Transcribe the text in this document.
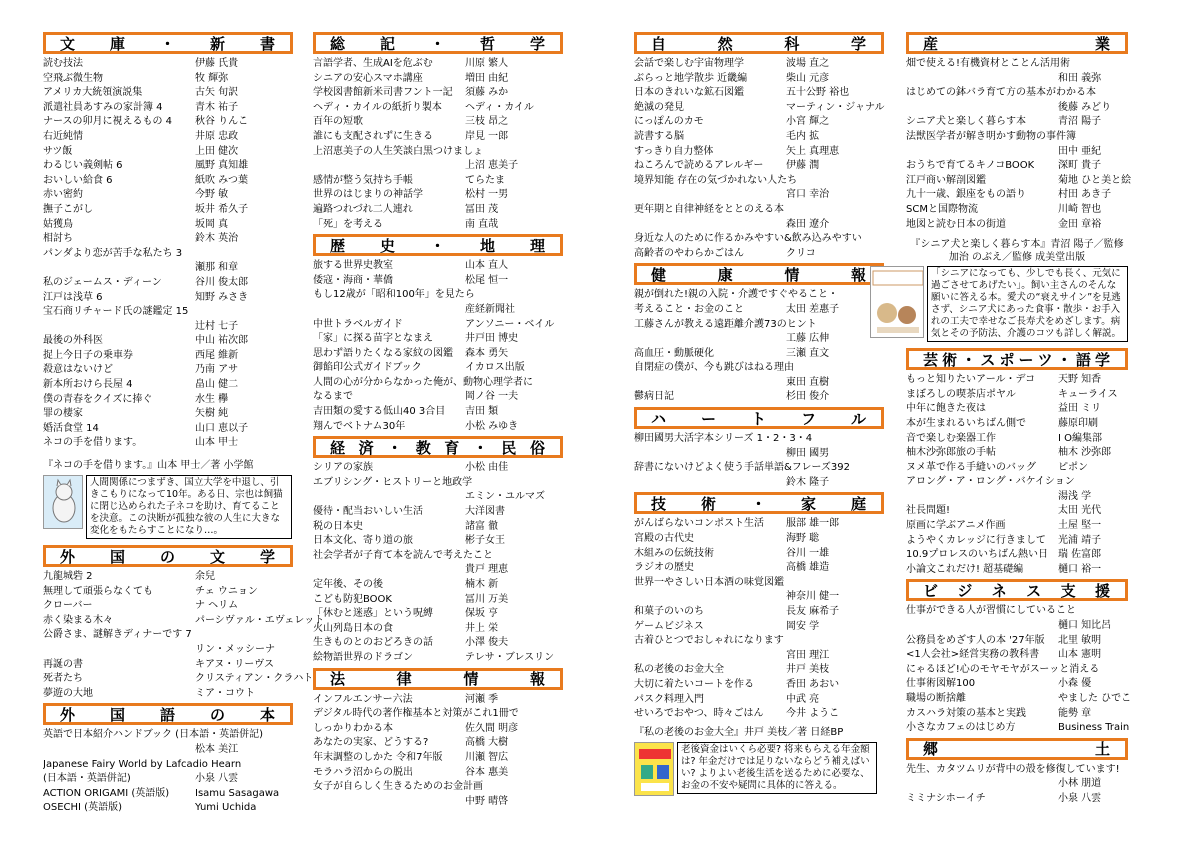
文 庫 ・ 新 書
読む技法	伊藤 氏貴
空飛ぶ微生物	牧 輝弥
アメリカ大統領演説集	古矢 旬訳
派遣社員あすみの家計簿 4	青木 祐子
ナースの卯月に視えるもの 4 秋谷 りんこ
右近純情	井原 忠政
サツ飯	上田 健次
わるじい義剣帖 6	風野 真知雄
おいしい給食 6	紙吹 みつ葉
赤い密約	今野 敏
撫子こがし	坂井 希久子
姑獲鳥	坂岡 真
相討ち	鈴木 英治
パンダより恋が苦手な私たち 3
瀬那 和章
私のジェームス・ディーン	谷川 俊太郎
江戸は浅草 6	知野 みさき
宝石商リチャード氏の謎鑑定 15
辻村 七子
最後の外科医	中山 祐次郎
捉上今日子の乗車券	西尾 維新
殺意はないけど	乃南 アサ
新本所おけら長屋 4	畠山 健二
僕の青春をクイズに捧ぐ	水生 欅
罪の棲家	矢樹 純
婚活食堂 14	山口 恵以子
ネコの手を借ります。	山本 甲士
『ネコの手を借ります。』山本 甲士／著 小学館
人間関係につまずき、国立大学を中退し、引きこもりになって10年。ある日、宗也は飼猫に閉じ込められた子ネコを助け、育てることを決意。この決断が孤独な彼の人生に大きな変化をもたらすことになり…。
外 国 の 文 学
九龍城砦 2	余兒
無理して頑張らなくても	チェ ウニョン
クローバー	ナ ヘリム
赤く染まる木々	パーシヴァル・エヴェレット
公爵さま、謎解きディナーです 7
リン・メッシーナ
再誕の書	キアヌ・リーヴス
死者たち	クリスティアン・クラハト
夢遊の大地	ミア・コウト
外 国 語 の 本
英語で日本紹介ハンドブック (日本語・英語併記)
松本 美江
Japanese Fairy World by Lafcadio Hearn
(日本語・英語併記)	小泉 八雲
ACTION ORIGAMI (英語版)	Isamu Sasagawa
OSECHI (英語版)	Yumi Uchida
総 記 ・ 哲 学
言語学者、生成AIを危ぶむ	川原 繁人
シニアの安心スマホ講座	増田 由紀
学校図書館新米司書フント一記 須藤 みか
ヘディ・カイルの紙折り製本 ヘディ・カイル
百年の短歌	三枝 昂之
誰にも支配されずに生きる	岸見 一郎
上沼恵美子の人生笑談白黒つけましょ
上沼 恵美子
感情が整う気持ち手帳	てらたま
世界のはじまりの神話学	松村 一男
遍路つれづれ二人連れ	冨田 茂
「死」を考える	南 直哉
歴 史 ・ 地 理
旅する世界史教室	山本 直人
倭寇・海商・華僑	松尾 恒一
もし12歳が「昭和100年」を見たら
産経新聞社
中世トラベルガイド	アンソニー・ベイル
「家」に探る苗字となまえ	井戸田 博史
思わず語りたくなる家紋の図鑑 森本 勇矢
御餡印公式ガイドブック	イカロス出版
人間の心が分からなかった俺が、動物心理学者に
なるまで	岡ノ谷 一夫
吉田類の愛する低山40 3合目 吉田 類
翔んでベトナム30年	小松 みゆき
経 済 ・ 教 育 ・ 民 俗
シリアの家族	小松 由佳
エブリシング・ヒストリーと地政学
エミン・ユルマズ
優待・配当おいしい生活	大洋図書
税の日本史	諸富 徹
日本文化、寄り道の旅	彬子女王
社会学者が子育て本を読んで考えたこと
貴戸 理恵
定年後、その後	楠木 新
こども防犯BOOK	冨川 万美
「休むと迷惑」という呪縛	保坂 亨
火山列島日本の食	井上 栄
生きものとのおどろきの話	小澤 俊夫
絵物語世界のドラゴン	テレサ・ブレスリン
法	律	情	報
インフルエンサー六法	河瀬 季
デジタル時代の著作権基本と対策がこれ1冊で
しっかりわかる本	佐久間 明彦
あなたの実家、どうする?	高橋 大樹
年末調整のしかた 令和7年版 川瀬 智広
モラハラ沼からの脱出	谷本 惠美
女子が自らしく生きるためのお金計画
中野 晴啓
自	然	科	学
会話で楽しむ宇宙物理学	波場 直之
ぶらっと地学散歩 近畿編	柴山 元彦
日本のきれいな鉱石図鑑	五十公野 裕也
絶滅の発見	マーティン・ジャナル
にっぽんのカモ	小宮 輝之
読書する脳	毛内 拡
すっきり自力整体	矢上 真理恵
ねころんで読めるアレルギー 伊藤 潤
境界知能 存在の気づかれない人たち
宮口 幸治
更年期と自律神経をととのえる本
森田 遼介
身近な人のために作るかみやすい&飲み込みやすい
高齢者のやわらかごはん	クリコ
健	康	情	報
親が倒れた!親の入院・介護ですぐやること・
考えること・お金のこと	太田 差惠子
工藤さんが教える遠距離介護73のヒント
工藤 広伸
高血圧・動脈硬化	三瀬 直文
自閉症の僕が、今も跳びはねる理由
東田 直樹
鬱病日記	杉田 俊介
ハ ー ト フ ル
柳田國男大活字本シリーズ 1・2・3・4
柳田 國男
辞書にないけどよく使う手話単語&フレーズ392
鈴木 隆子
技 術 ・ 家 庭
がんばらないコンポスト生活 服部 雄一郎
宮殿の古代史	海野 聡
木組みの伝統技術	谷川 一雄
ラジオの歴史	高橋 雄造
世界一やさしい日本酒の味覚図鑑
神奈川 健一
和菓子のいのち	長友 麻希子
ゲームビジネス	岡安 学
古着ひとつでおしゃれになります
宮田 理江
私の老後のお金大全	井戸 美枝
大切に着たいコートを作る	香田 あおい
パスク料理入門	中武 亮
せいろでおやつ、時々ごはん 今井 ようこ
『私の老後のお金大全』井戸 美枝／著 日経BP
老後資金はいくら必要? 将来もらえる年金額は? 年金だけでは足りないならどう補えばいい? よりよい老後生活を送るために必要な、お金の不安や疑問に具体的に答える。
産	業
畑で使える!有機資材とことん活用術
和田 義弥
はじめての鉢バラ育て方の基本がわかる本
後藤 みどり
シニア犬と楽しく暮らす本	青沼 陽子
法獣医学者が解き明かす動物の事件簿
田中 亜紀
おうちで育てるキノコBOOK 深町 貴子
江戸商い解剖図鑑	菊地 ひと美と絵
九十一歳、銀座をもの語り	村田 あき子
SCMと国際物流	川崎 智也
地図と読む日本の街道	金田 章裕
『シニア犬と楽しく暮らす本』青沼 陽子／監修
加治 のぶえ／監修 成美堂出版
「シニアになっても、少しでも長く、元気に過ごさせてあげたい」。飼い主さんのそんな願いに答える本。愛犬の“衰えサイン”を見逃さず、シニア犬にあった食事・散歩・お手入れの工夫で幸せなご長寿犬をめざします。病気とその予防法、介護のコツも詳しく解説。
芸 術 ・ ス ポ ー ツ ・ 語 学
もっと知りたいアール・デコ 天野 知香
まぼろしの喫茶店ポヤル	キューライス
中年に飽きた夜は	益田 ミリ
本が生まれるいちばん側で	藤原印刷
音で楽しむ楽器工作	I O編集部
柚木沙弥郎旅の手帖	柚木 沙弥郎
ヌメ革で作る手縫いのバッグ ピポン
アロング・ア・ロング・バケイション
湯浅 学
社長問題!	太田 光代
原画に学ぶアニメ作画	土屋 堅一
ようやくカレッジに行きまして 光浦 靖子
10.9プロレスのいちばん熱い日 瑞 佐富郎
小論文これだけ! 超基礎編	樋口 裕一
ビ ジ ネ ス 支 援
仕事ができる人が習慣にしていること
樋口 知比呂
公務員をめざす人の本 '27年版 北里 敏明
<1人会社>経営実務の教科書 山本 憲明
にゃるほど!心のモヤモヤがスーッと消える
仕事術図解100	小森 優
職場の断捨離	やました ひでこ
カスハラ対策の基本と実践	能勢 章
小さなカフェのはじめ方	Business Train
郷	土
先生、カタツムリが背中の殻を修復しています!
小林 朋道
ミミナシホーイチ	小泉 八雲
